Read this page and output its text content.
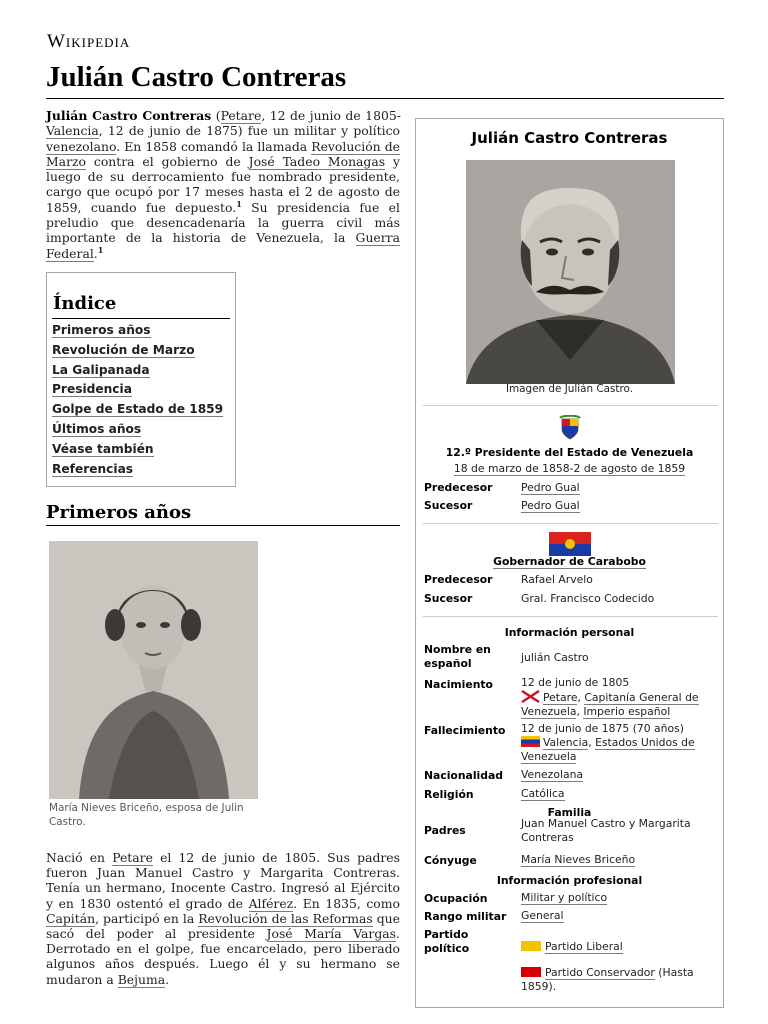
Wikipedia
Julián Castro Contreras

Julián Castro Contreras (Petare, 12 de junio de 1805-Valencia, 12 de junio de 1875) fue un militar y político venezolano. En 1858 comandó la llamada Revolución de Marzo contra el gobierno de José Tadeo Monagas y luego de su derrocamiento fue nombrado presidente, cargo que ocupó por 17 meses hasta el 2 de agosto de 1859, cuando fue depuesto.$^1$ Su presidencia fue el preludio que desencadenaría la guerra civil más importante de la historia de Venezuela, la Guerra Federal.$^1$

Índice
Primeros años
Revolución de Marzo
La Galipanada
Presidencia
Golpe de Estado de 1859
Últimos años
Véase también
Referencias
Primeros años
María Nieves Briceño, esposa de Julin Castro.

Nació en Petare el 12 de junio de 1805. Sus padres fueron Juan Manuel Castro y Margarita Contreras. Tenía un hermano, Inocente Castro. Ingresó al Ejército y en 1830 ostentó el grado de Alférez. En 1835, como Capitán, participó en la Revolución de las Reformas que sacó del poder al presidente José María Vargas. Derrotado en el golpe, fue encarcelado, pero liberado algunos años después. Luego él y su hermano se mudaron a Bejuma.

Julián Castro Contreras
Imagen de Julián Castro.
12.º Presidente del Estado de Venezuela
18 de marzo de 1858-2 de agosto de 1859
Predecesor	Pedro Gual
Sucesor	Pedro Gual
Gobernador de Carabobo
Predecesor	Rafael Arvelo
Sucesor	Gral. Francisco Codecido
Información personal
Nombre en
español	julián Castro
Nacimiento	12 de junio de 1805
Petare, Capitanía General de Venezuela, Imperio español
Fallecimiento 12 de junio de 1875 (70 años)
Valencia, Estados Unidos de Venezuela
Nacionalidad Venezolana
Religión	Católica
Familia
Padres
Juan Manuel Castro y Margarita Contreras
Cónyuge	María Nieves Briceño
Información profesional
Ocupación	Militar y político
Rango militar General
Partido
político	Partido Liberal
Partido Conservador (Hasta 1859).
